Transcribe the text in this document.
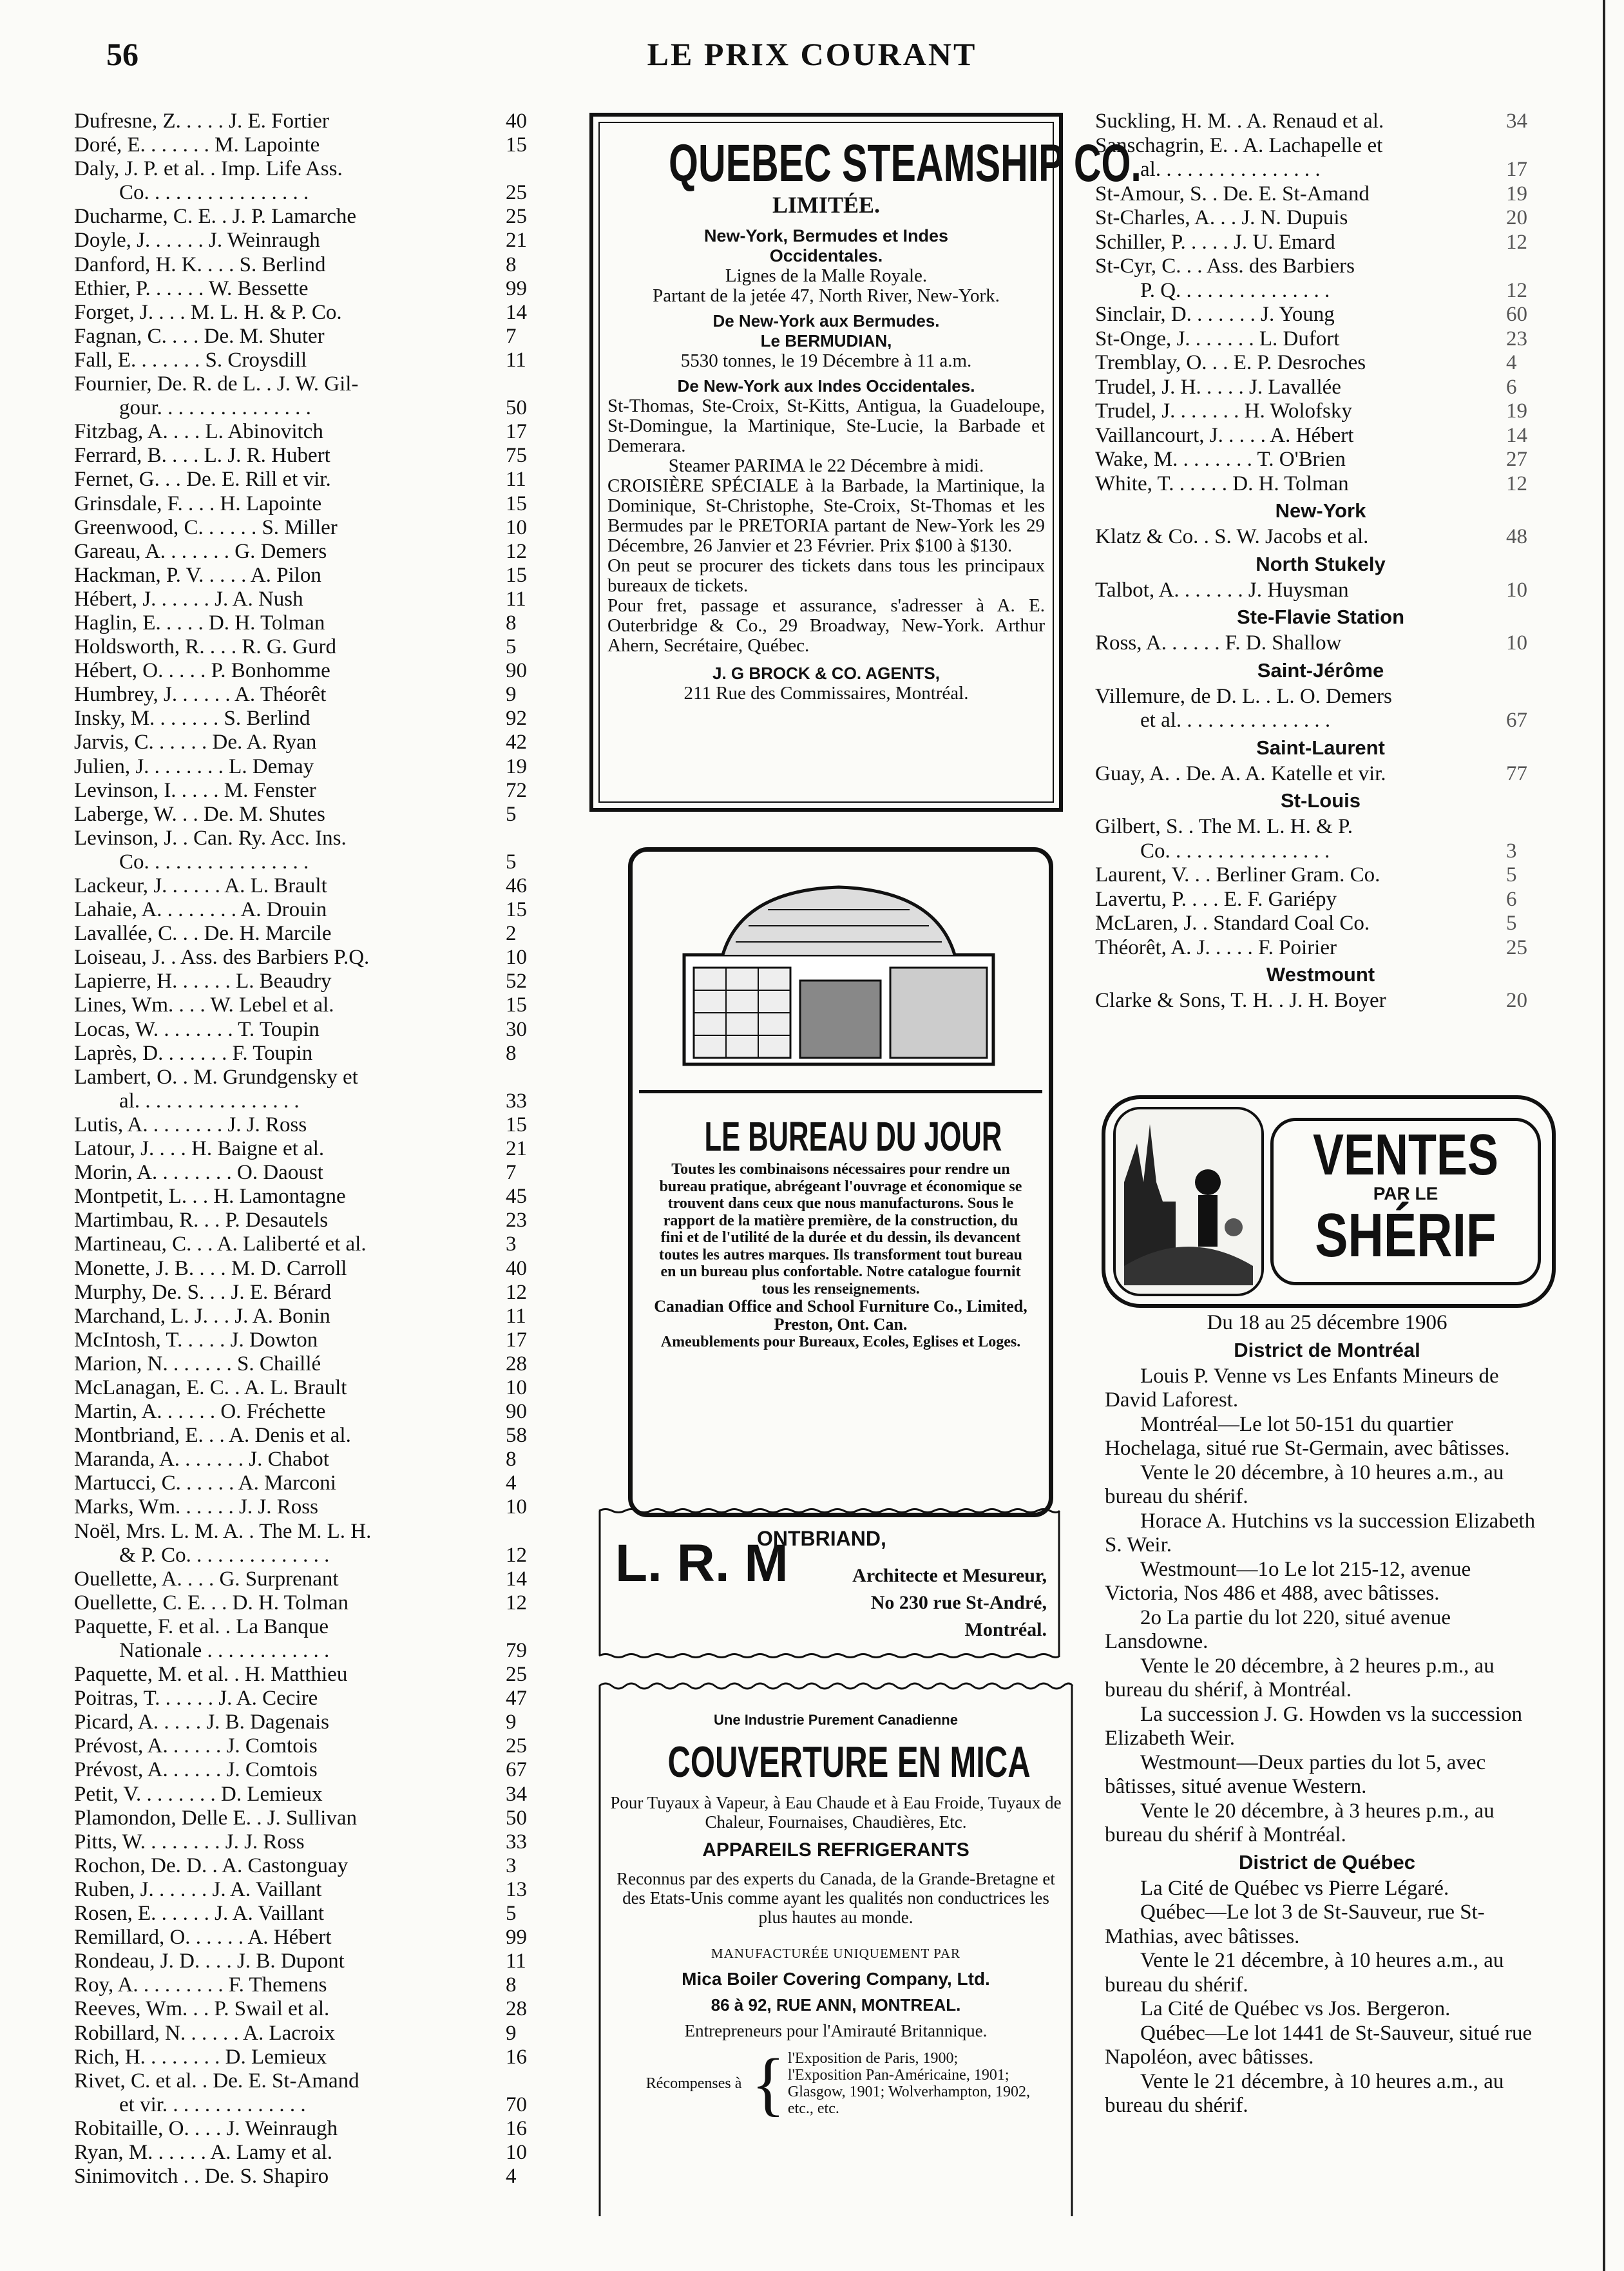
56	LE PRIX COURANT
Dufresne, Z. . . . . J. E. Fortier	40
Doré, E. . . . . . . M. Lapointe	15
Daly, J. P. et al. . Imp. Life Ass.
Co. . . . . . . . . . . . . . . .	25
Ducharme, C. E. . J. P. Lamarche	25
Doyle, J. . . . . . J. Weinraugh	21
Danford, H. K. . . . S. Berlind	8
Ethier, P. . . . . . W. Bessette	99
Forget, J. . . . M. L. H. & P. Co.	14
Fagnan, C. . . . De. M. Shuter	7
Fall, E. . . . . . . S. Croysdill	11
Fournier, De. R. de L. . J. W. Gil-
gour. . . . . . . . . . . . . . .	50
Fitzbag, A. . . . L. Abinovitch	17
Ferrard, B. . . . L. J. R. Hubert	75
Fernet, G. . . De. E. Rill et vir.	11
Grinsdale, F. . . . H. Lapointe	15
Greenwood, C. . . . . . S. Miller	10
Gareau, A. . . . . . . G. Demers	12
Hackman, P. V. . . . . A. Pilon	15
Hébert, J. . . . . . J. A. Nush	11
Haglin, E. . . . . D. H. Tolman	8
Holdsworth, R. . . . R. G. Gurd	5
Hébert, O. . . . . P. Bonhomme	90
Humbrey, J. . . . . . A. Théorêt	9
Insky, M. . . . . . . S. Berlind	92
Jarvis, C. . . . . . De. A. Ryan	42
Julien, J. . . . . . . . L. Demay	19
Levinson, I. . . . . M. Fenster	72
Laberge, W. . . De. M. Shutes	5
Levinson, J. . Can. Ry. Acc. Ins.
Co. . . . . . . . . . . . . . . .	5
Lackeur, J. . . . . . A. L. Brault	46
Lahaie, A. . . . . . . . A. Drouin	15
Lavallée, C. . . De. H. Marcile	2
Loiseau, J. . Ass. des Barbiers P.Q.	10
Lapierre, H. . . . . . L. Beaudry	52
Lines, Wm. . . . W. Lebel et al.	15
Locas, W. . . . . . . . T. Toupin	30
Laprès, D. . . . . . . F. Toupin	8
Lambert, O. . M. Grundgensky et
al. . . . . . . . . . . . . . . .	33
Lutis, A. . . . . . . . J. J. Ross	15
Latour, J. . . . H. Baigne et al.	21
Morin, A. . . . . . . . O. Daoust	7
Montpetit, L. . . H. Lamontagne	45
Martimbau, R. . . P. Desautels	23
Martineau, C. . . A. Laliberté et al.	3
Monette, J. B. . . . M. D. Carroll	40
Murphy, De. S. . . J. E. Bérard	12
Marchand, L. J. . . J. A. Bonin	11
McIntosh, T. . . . . J. Dowton	17
Marion, N. . . . . . . S. Chaillé	28
McLanagan, E. C. . A. L. Brault	10
Martin, A. . . . . . O. Fréchette	90
Montbriand, E. . . A. Denis et al.	58
Maranda, A. . . . . . . J. Chabot	8
Martucci, C. . . . . . A. Marconi	4
Marks, Wm. . . . . . J. J. Ross	10
Noël, Mrs. L. M. A. . The M. L. H.
& P. Co. . . . . . . . . . . . . .	12
Ouellette, A. . . . G. Surprenant	14
Ouellette, C. E. . . D. H. Tolman	12
Paquette, F. et al. . La Banque
Nationale . . . . . . . . . . . .	79
Paquette, M. et al. . H. Matthieu	25
Poitras, T. . . . . . J. A. Cecire	47
Picard, A. . . . . J. B. Dagenais	9
Prévost, A. . . . . . J. Comtois	25
Prévost, A. . . . . . J. Comtois	67
Petit, V. . . . . . . . D. Lemieux	34
Plamondon, Delle E. . J. Sullivan	50
Pitts, W. . . . . . . . J. J. Ross	33
Rochon, De. D. . A. Castonguay	3
Ruben, J. . . . . . J. A. Vaillant	13
Rosen, E. . . . . . J. A. Vaillant	5
Remillard, O. . . . . . A. Hébert	99
Rondeau, J. D. . . . J. B. Dupont	11
Roy, A. . . . . . . . . F. Themens	8
Reeves, Wm. . . P. Swail et al.	28
Robillard, N. . . . . . A. Lacroix	9
Rich, H. . . . . . . . D. Lemieux	16
Rivet, C. et al. . De. E. St-Amand
et vir. . . . . . . . . . . . . .	70
Robitaille, O. . . . J. Weinraugh	16
Ryan, M. . . . . . A. Lamy et al.	10
Sinimovitch . . De. S. Shapiro	4
QUEBEC STEAMSHIP CO.
LIMITÉE.
New-York, Bermudes et Indes
Occidentales.
Lignes de la Malle Royale.
Partant de la jetée 47, North River, New-York.
De New-York aux Bermudes.
Le BERMUDIAN,
5530 tonnes, le 19 Décembre à 11 a.m.
De New-York aux Indes Occidentales.
St-Thomas, Ste-Croix, St-Kitts, Antigua, la Guadeloupe, St-Domingue, la Martinique, Ste-Lucie, la Barbade et Demerara.
Steamer PARIMA le 22 Décembre à midi.
CROISIÈRE SPÉCIALE à la Barbade, la Martinique, la Dominique, St-Christophe, Ste-Croix, St-Thomas et les Bermudes par le PRETORIA partant de New-York les 29 Décembre, 26 Janvier et 23 Février. Prix $100 à $130.
On peut se procurer des tickets dans tous les principaux bureaux de tickets.
Pour fret, passage et assurance, s'adresser à A. E. Outerbridge & Co., 29 Broadway, New-York. Arthur Ahern, Secrétaire, Québec.
J. G BROCK & CO. AGENTS,
211 Rue des Commissaires, Montréal.
LE BUREAU DU JOUR
Toutes les combinaisons nécessaires pour rendre un bureau pratique, abrégeant l'ouvrage et économique se trouvent dans ceux que nous manufacturons. Sous le rapport de la matière première, de la construction, du fini et de l'utilité de la durée et du dessin, ils devancent toutes les autres marques. Ils transforment tout bureau en un bureau plus confortable. Notre catalogue fournit tous les renseignements.
Canadian Office and School Furniture Co., Limited, Preston, Ont. Can.
Ameublements pour Bureaux, Ecoles, Eglises et Loges.
L. R. M
ONTBRIAND,
Architecte et Mesureur,
No 230 rue St-André,
Montréal.
Une Industrie Purement Canadienne
COUVERTURE EN MICA
Pour Tuyaux à Vapeur, à Eau Chaude et à Eau Froide, Tuyaux de Chaleur, Fournaises, Chaudières, Etc.
APPAREILS REFRIGERANTS
Reconnus par des experts du Canada, de la Grande-Bretagne et des Etats-Unis comme ayant les qualités non conductrices les plus hautes au monde.
MANUFACTURÉE UNIQUEMENT PAR
Mica Boiler Covering Company, Ltd.
86 à 92, RUE ANN, MONTREAL.
Entrepreneurs pour l'Amirauté Britannique.
Récompenses à { l'Exposition de Paris, 1900; l'Exposition Pan-Américaine, 1901; Glasgow, 1901; Wolverhampton, 1902, etc., etc.
Suckling, H. M. . A. Renaud et al.	34
Sanschagrin, E. . A. Lachapelle et
al. . . . . . . . . . . . . . . .	17
St-Amour, S. . De. E. St-Amand	19
St-Charles, A. . . J. N. Dupuis	20
Schiller, P. . . . . J. U. Emard	12
St-Cyr, C. . . Ass. des Barbiers
P. Q. . . . . . . . . . . . . . .	12
Sinclair, D. . . . . . . J. Young	60
St-Onge, J. . . . . . . L. Dufort	23
Tremblay, O. . . E. P. Desroches	4
Trudel, J. H. . . . . J. Lavallée	6
Trudel, J. . . . . . . H. Wolofsky	19
Vaillancourt, J. . . . . A. Hébert	14
Wake, M. . . . . . . . T. O'Brien	27
White, T. . . . . . D. H. Tolman	12
New-York
Klatz & Co. . S. W. Jacobs et al.	48
North Stukely
Talbot, A. . . . . . . J. Huysman	10
Ste-Flavie Station
Ross, A. . . . . . F. D. Shallow	10
Saint-Jérôme
Villemure, de D. L. . L. O. Demers
et al. . . . . . . . . . . . . . .	67
Saint-Laurent
Guay, A. . De. A. A. Katelle et vir.	77
St-Louis
Gilbert, S. . The M. L. H. & P.
Co. . . . . . . . . . . . . . . .	3
Laurent, V. . . Berliner Gram. Co.	5
Lavertu, P. . . . E. F. Gariépy	6
McLaren, J. . Standard Coal Co.	5
Théorêt, A. J. . . . . F. Poirier	25
Westmount
Clarke & Sons, T. H. . J. H. Boyer	20
VENTES
PAR LE
SHÉRIF
Du 18 au 25 décembre 1906
District de Montréal
Louis P. Venne vs Les Enfants Mineurs de David Laforest.
Montréal—Le lot 50-151 du quartier Hochelaga, situé rue St-Germain, avec bâtisses.
Vente le 20 décembre, à 10 heures a.m., au bureau du shérif.
Horace A. Hutchins vs la succession Elizabeth S. Weir.
Westmount—1o Le lot 215-12, avenue Victoria, Nos 486 et 488, avec bâtisses.
2o La partie du lot 220, situé avenue Lansdowne.
Vente le 20 décembre, à 2 heures p.m., au bureau du shérif, à Montréal.
La succession J. G. Howden vs la succession Elizabeth Weir.
Westmount—Deux parties du lot 5, avec bâtisses, situé avenue Western.
Vente le 20 décembre, à 3 heures p.m., au bureau du shérif à Montréal.
District de Québec
La Cité de Québec vs Pierre Légaré.
Québec—Le lot 3 de St-Sauveur, rue St-Mathias, avec bâtisses.
Vente le 21 décembre, à 10 heures a.m., au bureau du shérif.
La Cité de Québec vs Jos. Bergeron.
Québec—Le lot 1441 de St-Sauveur, situé rue Napoléon, avec bâtisses.
Vente le 21 décembre, à 10 heures a.m., au bureau du shérif.
